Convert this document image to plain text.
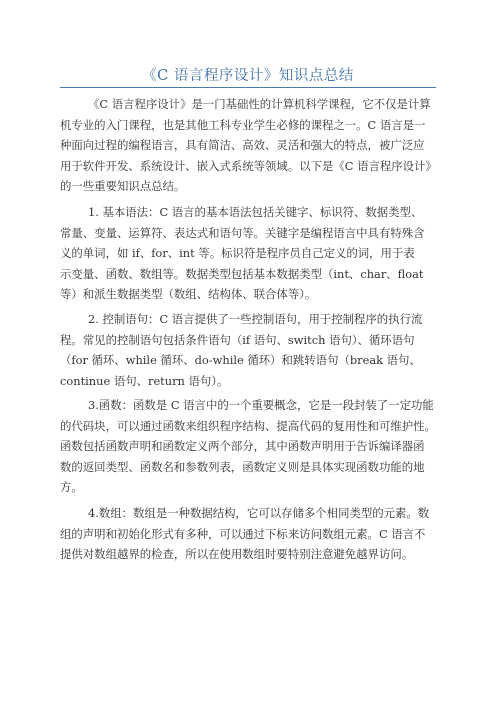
《C 语言程序设计》知识点总结
《C 语言程序设计》是一门基础性的计算机科学课程，它不仅是计算
机专业的入门课程，也是其他工科专业学生必修的课程之一。C 语言是一
种面向过程的编程语言，具有简洁、高效、灵活和强大的特点，被广泛应
用于软件开发、系统设计、嵌入式系统等领域。以下是《C 语言程序设计》
的一些重要知识点总结。
1. 基本语法：C 语言的基本语法包括关键字、标识符、数据类型、
常量、变量、运算符、表达式和语句等。关键字是编程语言中具有特殊含
义的单词，如 if、for、int 等。标识符是程序员自己定义的词，用于表
示变量、函数、数组等。数据类型包括基本数据类型（int、char、float
等）和派生数据类型（数组、结构体、联合体等）。
2. 控制语句：C 语言提供了一些控制语句，用于控制程序的执行流
程。常见的控制语句包括条件语句（if 语句、switch 语句）、循环语句
（for 循环、while 循环、do-while 循环）和跳转语句（break 语句、
continue 语句、return 语句）。
3.函数：函数是 C 语言中的一个重要概念，它是一段封装了一定功能
的代码块，可以通过函数来组织程序结构、提高代码的复用性和可维护性。
函数包括函数声明和函数定义两个部分，其中函数声明用于告诉编译器函
数的返回类型、函数名和参数列表，函数定义则是具体实现函数功能的地
方。
4.数组：数组是一种数据结构，它可以存储多个相同类型的元素。数
组的声明和初始化形式有多种，可以通过下标来访问数组元素。C 语言不
提供对数组越界的检查，所以在使用数组时要特别注意避免越界访问。
